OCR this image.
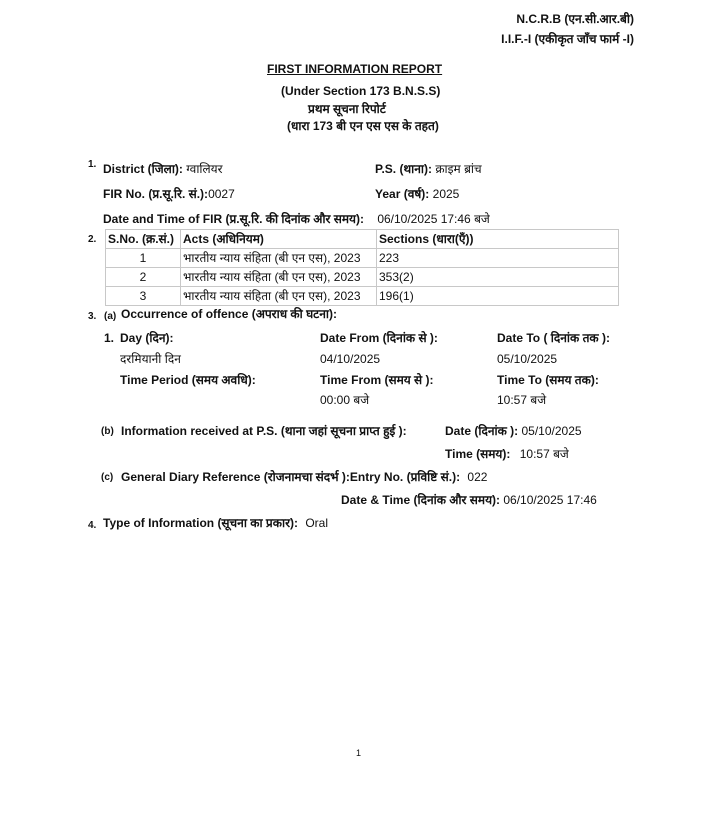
N.C.R.B (एन.सी.आर.बी)
I.I.F.-I (एकीकृत जाँच फार्म -I)
FIRST INFORMATION REPORT
(Under Section 173 B.N.S.S)
प्रथम सूचना रिपोर्ट
(धारा 173 बी एन एस एस के तहत)
1. District (जिला): ग्वालियर	P.S. (थाना): क्राइम ब्रांच
FIR No. (प्र.सू.रि. सं.):0027	Year (वर्ष): 2025
Date and Time of FIR (प्र.सू.रि. की दिनांक और समय): 06/10/2025 17:46 बजे
2. S.No. (क्र.सं.)	Acts (अधिनियम)	Sections (धारा(एँ))
1	भारतीय न्याय संहिता (बी एन एस), 2023	223
2	भारतीय न्याय संहिता (बी एन एस), 2023	353(2)
3	भारतीय न्याय संहिता (बी एन एस), 2023	196(1)
3. (a) Occurrence of offence (अपराध की घटना):
1. Day (दिन):
दरमियानी दिन
Date From (दिनांक से ):
04/10/2025
Date To ( दिनांक तक ):
05/10/2025
Time Period (समय अवधि):	Time From (समय से ):
00:00 बजे
Time To (समय तक):
10:57 बजे
(b) Information received at P.S. (थाना जहां सूचना प्राप्त हुई ):	Date (दिनांक ): 05/10/2025
Time (समय): 10:57 बजे
(c) General Diary Reference (रोजनामचा संदर्भ ):Entry No. (प्रविष्टि सं.): 022
Date & Time (दिनांक और समय): 06/10/2025 17:46
4. Type of Information (सूचना का प्रकार): Oral
1
